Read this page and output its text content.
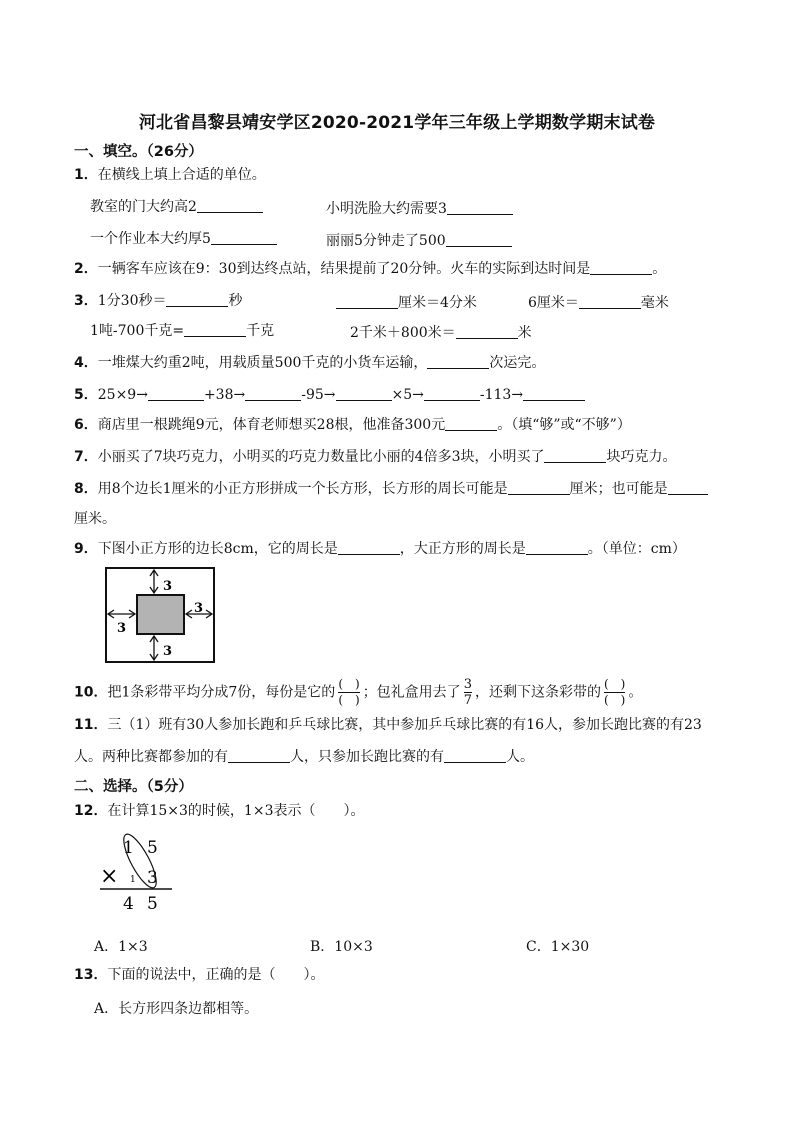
河北省昌黎县靖安学区2020-2021学年三年级上学期数学期末试卷
一、填空。（26分）
1．在横线上填上合适的单位。
教室的门大约高2	小明洗脸大约需要3
一个作业本大约厚5	丽丽5分钟走了500
2．一辆客车应该在9：30到达终点站，结果提前了20分钟。火车的实际到达时间是	。
3．1分30秒＝	秒	厘米＝4分米	6厘米＝	毫米
1吨-700千克=	千克	2千米＋800米＝	米
4．一堆煤大约重2吨，用载质量500千克的小货车运输，	次运完。
5．25×9→	+38→	-95→	×5→	-113→
6．商店里一根跳绳9元，体育老师想买28根，他准备300元	。（填“够”或“不够”）
7．小丽买了7块巧克力，小明买的巧克力数量比小丽的4倍多3块，小明买了	块巧克力。
8．用8个边长1厘米的小正方形拼成一个长方形，长方形的周长可能是	厘米；也可能是
厘米。
9．下图小正方形的边长8cm，它的周长是	，大正方形的周长是	。（单位：cm）
3
3
3
3
10．把1条彩带平均分成7份，每份是它的 $\frac{( )}{( )}$ ；包礼盒用去了 $\frac{3}{7}$ ，还剩下这条彩带的 $\frac{( )}{( )}$ 。
11．三（1）班有30人参加长跑和乒乓球比赛，其中参加乒乓球比赛的有16人，参加长跑比赛的有23
人。两种比赛都参加的有	人，只参加长跑比赛的有	人。
二、选择。（5分）
12．在计算15×3的时候，1×3表示（　　）。
1 5
× 1 3
4 5
A．1×3	B．10×3	C．1×30
13．下面的说法中，正确的是（　　）。
A．长方形四条边都相等。
